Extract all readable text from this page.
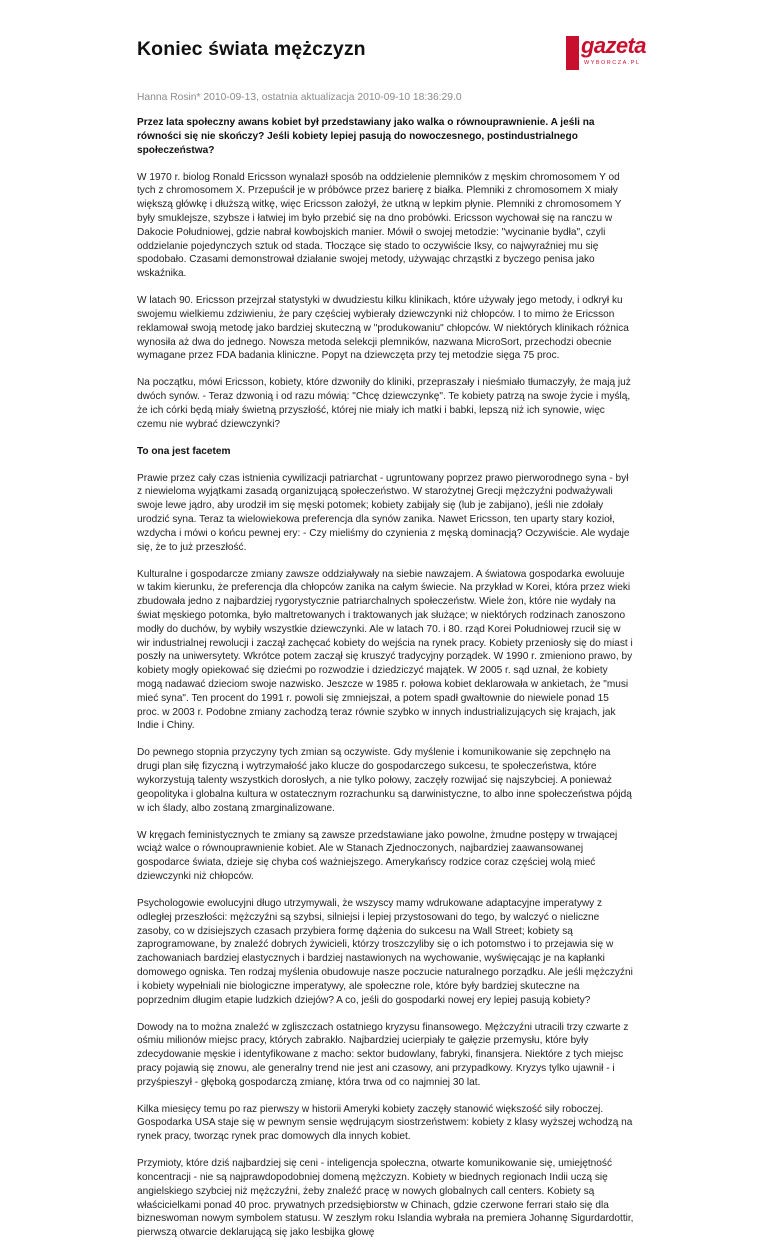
Koniec świata mężczyzn	gazeta
WYBORCZA.PL
Hanna Rosin* 2010-09-13, ostatnia aktualizacja 2010-09-10 18:36:29.0

Przez lata społeczny awans kobiet był przedstawiany jako walka o równouprawnienie. A jeśli na równości się nie skończy? Jeśli kobiety lepiej pasują do nowoczesnego, postindustrialnego społeczeństwa?

W 1970 r. biolog Ronald Ericsson wynalazł sposób na oddzielenie plemników z męskim chromosomem Y od tych z chromosomem X. Przepuścił je w próbówce przez barierę z białka. Plemniki z chromosomem X miały większą główkę i dłuższą witkę, więc Ericsson założył, że utkną w lepkim płynie. Plemniki z chromosomem Y były smuklejsze, szybsze i łatwiej im było przebić się na dno probówki. Ericsson wychował się na ranczu w Dakocie Południowej, gdzie nabrał kowbojskich manier. Mówił o swojej metodzie: "wycinanie bydła", czyli oddzielanie pojedynczych sztuk od stada. Tłoczące się stado to oczywiście Iksy, co najwyraźniej mu się spodobało. Czasami demonstrował działanie swojej metody, używając chrząstki z byczego penisa jako wskaźnika.

W latach 90. Ericsson przejrzał statystyki w dwudziestu kilku klinikach, które używały jego metody, i odkrył ku swojemu wielkiemu zdziwieniu, że pary częściej wybierały dziewczynki niż chłopców. I to mimo że Ericsson reklamował swoją metodę jako bardziej skuteczną w "produkowaniu" chłopców. W niektórych klinikach różnica wynosiła aż dwa do jednego. Nowsza metoda selekcji plemników, nazwana MicroSort, przechodzi obecnie wymagane przez FDA badania kliniczne. Popyt na dziewczęta przy tej metodzie sięga 75 proc.

Na początku, mówi Ericsson, kobiety, które dzwoniły do kliniki, przepraszały i nieśmiało tłumaczyły, że mają już dwóch synów. - Teraz dzwonią i od razu mówią: "Chcę dziewczynkę". Te kobiety patrzą na swoje życie i myślą, że ich córki będą miały świetną przyszłość, której nie miały ich matki i babki, lepszą niż ich synowie, więc czemu nie wybrać dziewczynki?

To ona jest facetem

Prawie przez cały czas istnienia cywilizacji patriarchat - ugruntowany poprzez prawo pierworodnego syna - był z niewieloma wyjątkami zasadą organizującą społeczeństwo. W starożytnej Grecji mężczyźni podważywali swoje lewe jądro, aby urodził im się męski potomek; kobiety zabijały się (lub je zabijano), jeśli nie zdołały urodzić syna. Teraz ta wielowiekowa preferencja dla synów zanika. Nawet Ericsson, ten uparty stary kozioł, wzdycha i mówi o końcu pewnej ery: - Czy mieliśmy do czynienia z męską dominacją? Oczywiście. Ale wydaje się, że to już przeszłość.

Kulturalne i gospodarcze zmiany zawsze oddziaływały na siebie nawzajem. A światowa gospodarka ewoluuje w takim kierunku, że preferencja dla chłopców zanika na całym świecie. Na przykład w Korei, która przez wieki zbudowała jedno z najbardziej rygorystycznie patriarchalnych społeczeństw. Wiele żon, które nie wydały na świat męskiego potomka, było maltretowanych i traktowanych jak służące; w niektórych rodzinach zanoszono modły do duchów, by wybiły wszystkie dziewczynki. Ale w latach 70. i 80. rząd Korei Południowej rzucił się w wir industrialnej rewolucji i zaczął zachęcać kobiety do wejścia na rynek pracy. Kobiety przeniosły się do miast i poszły na uniwersytety. Wkrótce potem zaczął się kruszyć tradycyjny porządek. W 1990 r. zmieniono prawo, by kobiety mogły opiekować się dziećmi po rozwodzie i dziedziczyć majątek. W 2005 r. sąd uznał, że kobiety mogą nadawać dzieciom swoje nazwisko. Jeszcze w 1985 r. połowa kobiet deklarowała w ankietach, że "musi mieć syna". Ten procent do 1991 r. powoli się zmniejszał, a potem spadł gwałtownie do niewiele ponad 15 proc. w 2003 r. Podobne zmiany zachodzą teraz równie szybko w innych industrializujących się krajach, jak Indie i Chiny.

Do pewnego stopnia przyczyny tych zmian są oczywiste. Gdy myślenie i komunikowanie się zepchnęło na drugi plan siłę fizyczną i wytrzymałość jako klucze do gospodarczego sukcesu, te społeczeństwa, które wykorzystują talenty wszystkich dorosłych, a nie tylko połowy, zaczęły rozwijać się najszybciej. A ponieważ geopolityka i globalna kultura w ostatecznym rozrachunku są darwinistyczne, to albo inne społeczeństwa pójdą w ich ślady, albo zostaną zmarginalizowane.

W kręgach feministycznych te zmiany są zawsze przedstawiane jako powolne, żmudne postępy w trwającej wciąż walce o równouprawnienie kobiet. Ale w Stanach Zjednoczonych, najbardziej zaawansowanej gospodarce świata, dzieje się chyba coś ważniejszego. Amerykańscy rodzice coraz częściej wolą mieć dziewczynki niż chłopców.

Psychologowie ewolucyjni długo utrzymywali, że wszyscy mamy wdrukowane adaptacyjne imperatywy z odległej przeszłości: mężczyźni są szybsi, silniejsi i lepiej przystosowani do tego, by walczyć o nieliczne zasoby, co w dzisiejszych czasach przybiera formę dążenia do sukcesu na Wall Street; kobiety są zaprogramowane, by znaleźć dobrych żywicieli, którzy troszczyliby się o ich potomstwo i to przejawia się w zachowaniach bardziej elastycznych i bardziej nastawionych na wychowanie, wyświęcając je na kapłanki domowego ogniska. Ten rodzaj myślenia obudowuje nasze poczucie naturalnego porządku. Ale jeśli mężczyźni i kobiety wypełniali nie biologiczne imperatywy, ale społeczne role, które były bardziej skuteczne na poprzednim długim etapie ludzkich dziejów? A co, jeśli do gospodarki nowej ery lepiej pasują kobiety?

Dowody na to można znaleźć w zgliszczach ostatniego kryzysu finansowego. Mężczyźni utracili trzy czwarte z ośmiu milionów miejsc pracy, których zabrakło. Najbardziej ucierpiały te gałęzie przemysłu, które były zdecydowanie męskie i identyfikowane z macho: sektor budowlany, fabryki, finansjera. Niektóre z tych miejsc pracy pojawią się znowu, ale generalny trend nie jest ani czasowy, ani przypadkowy. Kryzys tylko ujawnił - i przyśpieszył - głęboką gospodarczą zmianę, która trwa od co najmniej 30 lat.

Kilka miesięcy temu po raz pierwszy w historii Ameryki kobiety zaczęły stanowić większość siły roboczej. Gospodarka USA staje się w pewnym sensie wędrującym siostrzeństwem: kobiety z klasy wyższej wchodzą na rynek pracy, tworząc rynek prac domowych dla innych kobiet.

Przymioty, które dziś najbardziej się ceni - inteligencja społeczna, otwarte komunikowanie się, umiejętność koncentracji - nie są najprawdopodobniej domeną mężczyzn. Kobiety w biednych regionach Indii uczą się angielskiego szybciej niż mężczyźni, żeby znaleźć pracę w nowych globalnych call centers. Kobiety są właścicielkami ponad 40 proc. prywatnych przedsiębiorstw w Chinach, gdzie czerwone ferrari stało się dla bizneswoman nowym symbolem statusu. W zeszłym roku Islandia wybrała na premiera Johannę Sigurdardottir, pierwszą otwarcie deklarującą się jako lesbijka głowę
